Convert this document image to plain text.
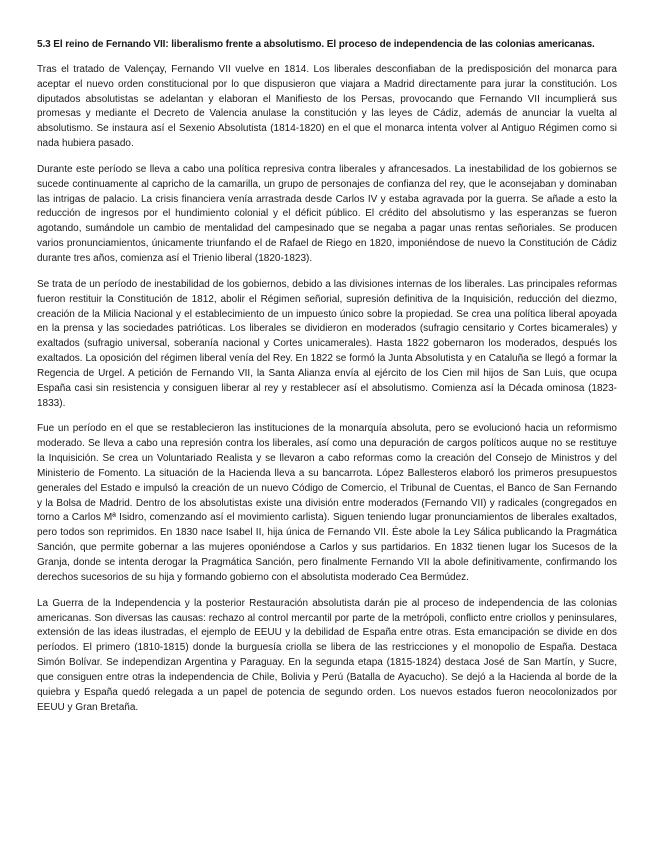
5.3 El reino de Fernando VII: liberalismo frente a absolutismo. El proceso de independencia de las colonias americanas.

Tras el tratado de Valençay, Fernando VII vuelve en 1814. Los liberales desconfiaban de la predisposición del monarca para aceptar el nuevo orden constitucional por lo que dispusieron que viajara a Madrid directamente para jurar la constitución. Los diputados absolutistas se adelantan y elaboran el Manifiesto de los Persas, provocando que Fernando VII incumplierá sus promesas y mediante el Decreto de Valencia anulase la constitución y las leyes de Cádiz, además de anunciar la vuelta al absolutismo. Se instaura así el Sexenio Absolutista (1814-1820) en el que el monarca intenta volver al Antiguo Régimen como si nada hubiera pasado.

Durante este período se lleva a cabo una política represiva contra liberales y afrancesados. La inestabilidad de los gobiernos se sucede continuamente al capricho de la camarilla, un grupo de personajes de confianza del rey, que le aconsejaban y dominaban las intrigas de palacio. La crisis financiera venía arrastrada desde Carlos IV y estaba agravada por la guerra. Se añade a esto la reducción de ingresos por el hundimiento colonial y el déficit público. El crédito del absolutismo y las esperanzas se fueron agotando, sumándole un cambio de mentalidad del campesinado que se negaba a pagar unas rentas señoriales. Se producen varios pronunciamientos, únicamente triunfando el de Rafael de Riego en 1820, imponiéndose de nuevo la Constitución de Cádiz durante tres años, comienza así el Trienio liberal (1820-1823).

Se trata de un período de inestabilidad de los gobiernos, debido a las divisiones internas de los liberales. Las principales reformas fueron restituir la Constitución de 1812, abolir el Régimen señorial, supresión definitiva de la Inquisición, reducción del diezmo, creación de la Milicia Nacional y el establecimiento de un impuesto único sobre la propiedad. Se crea una política liberal apoyada en la prensa y las sociedades patrióticas. Los liberales se dividieron en moderados (sufragio censitario y Cortes bicamerales) y exaltados (sufragio universal, soberanía nacional y Cortes unicamerales). Hasta 1822 gobernaron los moderados, después los exaltados. La oposición del régimen liberal venía del Rey. En 1822 se formó la Junta Absolutista y en Cataluña se llegó a formar la Regencia de Urgel. A petición de Fernando VII, la Santa Alianza envía al ejército de los Cien mil hijos de San Luis, que ocupa España casi sin resistencia y consiguen liberar al rey y restablecer así el absolutismo. Comienza así la Década ominosa (1823-1833).

Fue un período en el que se restablecieron las instituciones de la monarquía absoluta, pero se evolucionó hacia un reformismo moderado. Se lleva a cabo una represión contra los liberales, así como una depuración de cargos políticos auque no se restituye la Inquisición. Se crea un Voluntariado Realista y se llevaron a cabo reformas como la creación del Consejo de Ministros y del Ministerio de Fomento. La situación de la Hacienda lleva a su bancarrota. López Ballesteros elaboró los primeros presupuestos generales del Estado e impulsó la creación de un nuevo Código de Comercio, el Tribunal de Cuentas, el Banco de San Fernando y la Bolsa de Madrid. Dentro de los absolutistas existe una división entre moderados (Fernando VII) y radicales (congregados en torno a Carlos Mª Isidro, comenzando así el movimiento carlista). Siguen teniendo lugar pronunciamientos de liberales exaltados, pero todos son reprimidos. En 1830 nace Isabel II, hija única de Fernando VII. Éste abole la Ley Sálica publicando la Pragmática Sanción, que permite gobernar a las mujeres oponiéndose a Carlos y sus partidarios. En 1832 tienen lugar los Sucesos de la Granja, donde se intenta derogar la Pragmática Sanción, pero finalmente Fernando VII la abole definitivamente, confirmando los derechos sucesorios de su hija y formando gobierno con el absolutista moderado Cea Bermúdez.

La Guerra de la Independencia y la posterior Restauración absolutista darán pie al proceso de independencia de las colonias americanas. Son diversas las causas: rechazo al control mercantil por parte de la metrópoli, conflicto entre criollos y peninsulares, extensión de las ideas ilustradas, el ejemplo de EEUU y la debilidad de España entre otras. Esta emancipación se divide en dos períodos. El primero (1810-1815) donde la burguesía criolla se libera de las restricciones y el monopolio de España. Destaca Simón Bolívar. Se independizan Argentina y Paraguay. En la segunda etapa (1815-1824) destaca José de San Martín, y Sucre, que consiguen entre otras la independencia de Chile, Bolivia y Perú (Batalla de Ayacucho). Se dejó a la Hacienda al borde de la quiebra y España quedó relegada a un papel de potencia de segundo orden. Los nuevos estados fueron neocolonizados por EEUU y Gran Bretaña.
